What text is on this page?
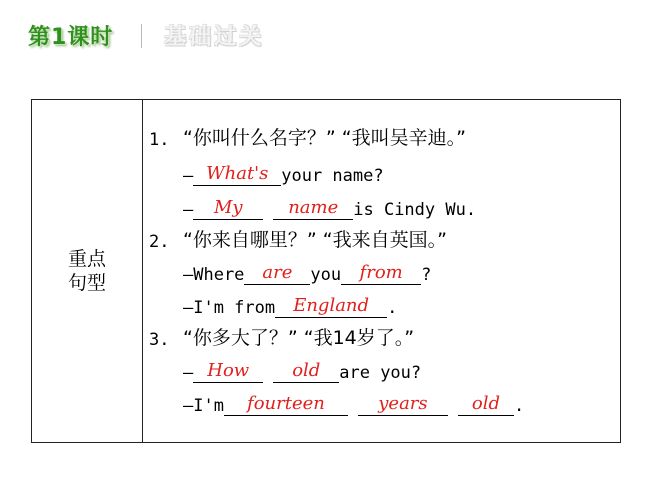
第1课时 基础过关
重点
句型
1. “你叫什么名字？” “我叫吴辛迪。”
— What's your name?
—	My	name is Cindy Wu.
2. “你来自哪里？” “我来自英国。”
—Where	are	you	from	?
—I'm from	England	.
3. “你多大了？” “我14岁了。”
— How	old	are you?
—I'm	fourteen	years	old .
